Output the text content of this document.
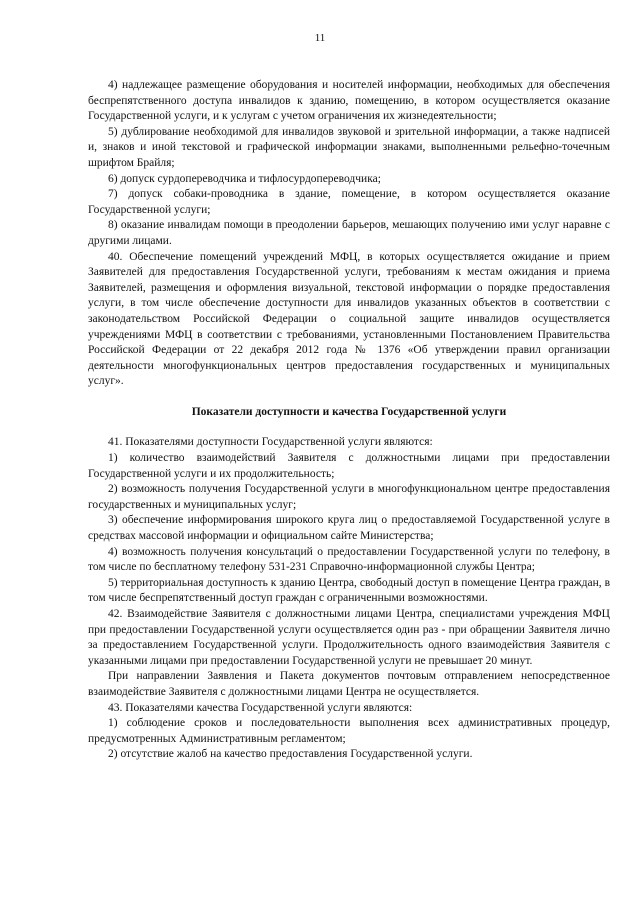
11

4) надлежащее размещение оборудования и носителей информации, необходимых для обеспечения беспрепятственного доступа инвалидов к зданию, помещению, в котором осуществляется оказание Государственной услуги, и к услугам с учетом ограничения их жизнедеятельности;

5) дублирование необходимой для инвалидов звуковой и зрительной информации, а также надписей и, знаков и иной текстовой и графической информации знаками, выполненными рельефно-точечным шрифтом Брайля;

6) допуск сурдопереводчика и тифлосурдопереводчика;

7) допуск собаки-проводника в здание, помещение, в котором осуществляется оказание Государственной услуги;

8) оказание инвалидам помощи в преодолении барьеров, мешающих получению ими услуг наравне с другими лицами.

40. Обеспечение помещений учреждений МФЦ, в которых осуществляется ожидание и прием Заявителей для предоставления Государственной услуги, требованиям к местам ожидания и приема Заявителей, размещения и оформления визуальной, текстовой информации о порядке предоставления услуги, в том числе обеспечение доступности для инвалидов указанных объектов в соответствии с законодательством Российской Федерации о социальной защите инвалидов осуществляется учреждениями МФЦ в соответствии с требованиями, установленными Постановлением Правительства Российской Федерации от 22 декабря 2012 года № 1376 «Об утверждении правил организации деятельности многофункциональных центров предоставления государственных и муниципальных услуг».

Показатели доступности и качества Государственной услуги

41. Показателями доступности Государственной услуги являются:

1) количество взаимодействий Заявителя с должностными лицами при предоставлении Государственной услуги и их продолжительность;

2) возможность получения Государственной услуги в многофункциональном центре предоставления государственных и муниципальных услуг;

3) обеспечение информирования широкого круга лиц о предоставляемой Государственной услуге в средствах массовой информации и официальном сайте Министерства;

4) возможность получения консультаций о предоставлении Государственной услуги по телефону, в том числе по бесплатному телефону 531-231 Справочно-информационной службы Центра;

5) территориальная доступность к зданию Центра, свободный доступ в помещение Центра граждан, в том числе беспрепятственный доступ граждан с ограниченными возможностями.

42. Взаимодействие Заявителя с должностными лицами Центра, специалистами учреждения МФЦ при предоставлении Государственной услуги осуществляется один раз - при обращении Заявителя лично за предоставлением Государственной услуги. Продолжительность одного взаимодействия Заявителя с указанными лицами при предоставлении Государственной услуги не превышает 20 минут.

При направлении Заявления и Пакета документов почтовым отправлением непосредственное взаимодействие Заявителя с должностными лицами Центра не осуществляется.

43. Показателями качества Государственной услуги являются:

1) соблюдение сроков и последовательности выполнения всех административных процедур, предусмотренных Административным регламентом;

2) отсутствие жалоб на качество предоставления Государственной услуги.
